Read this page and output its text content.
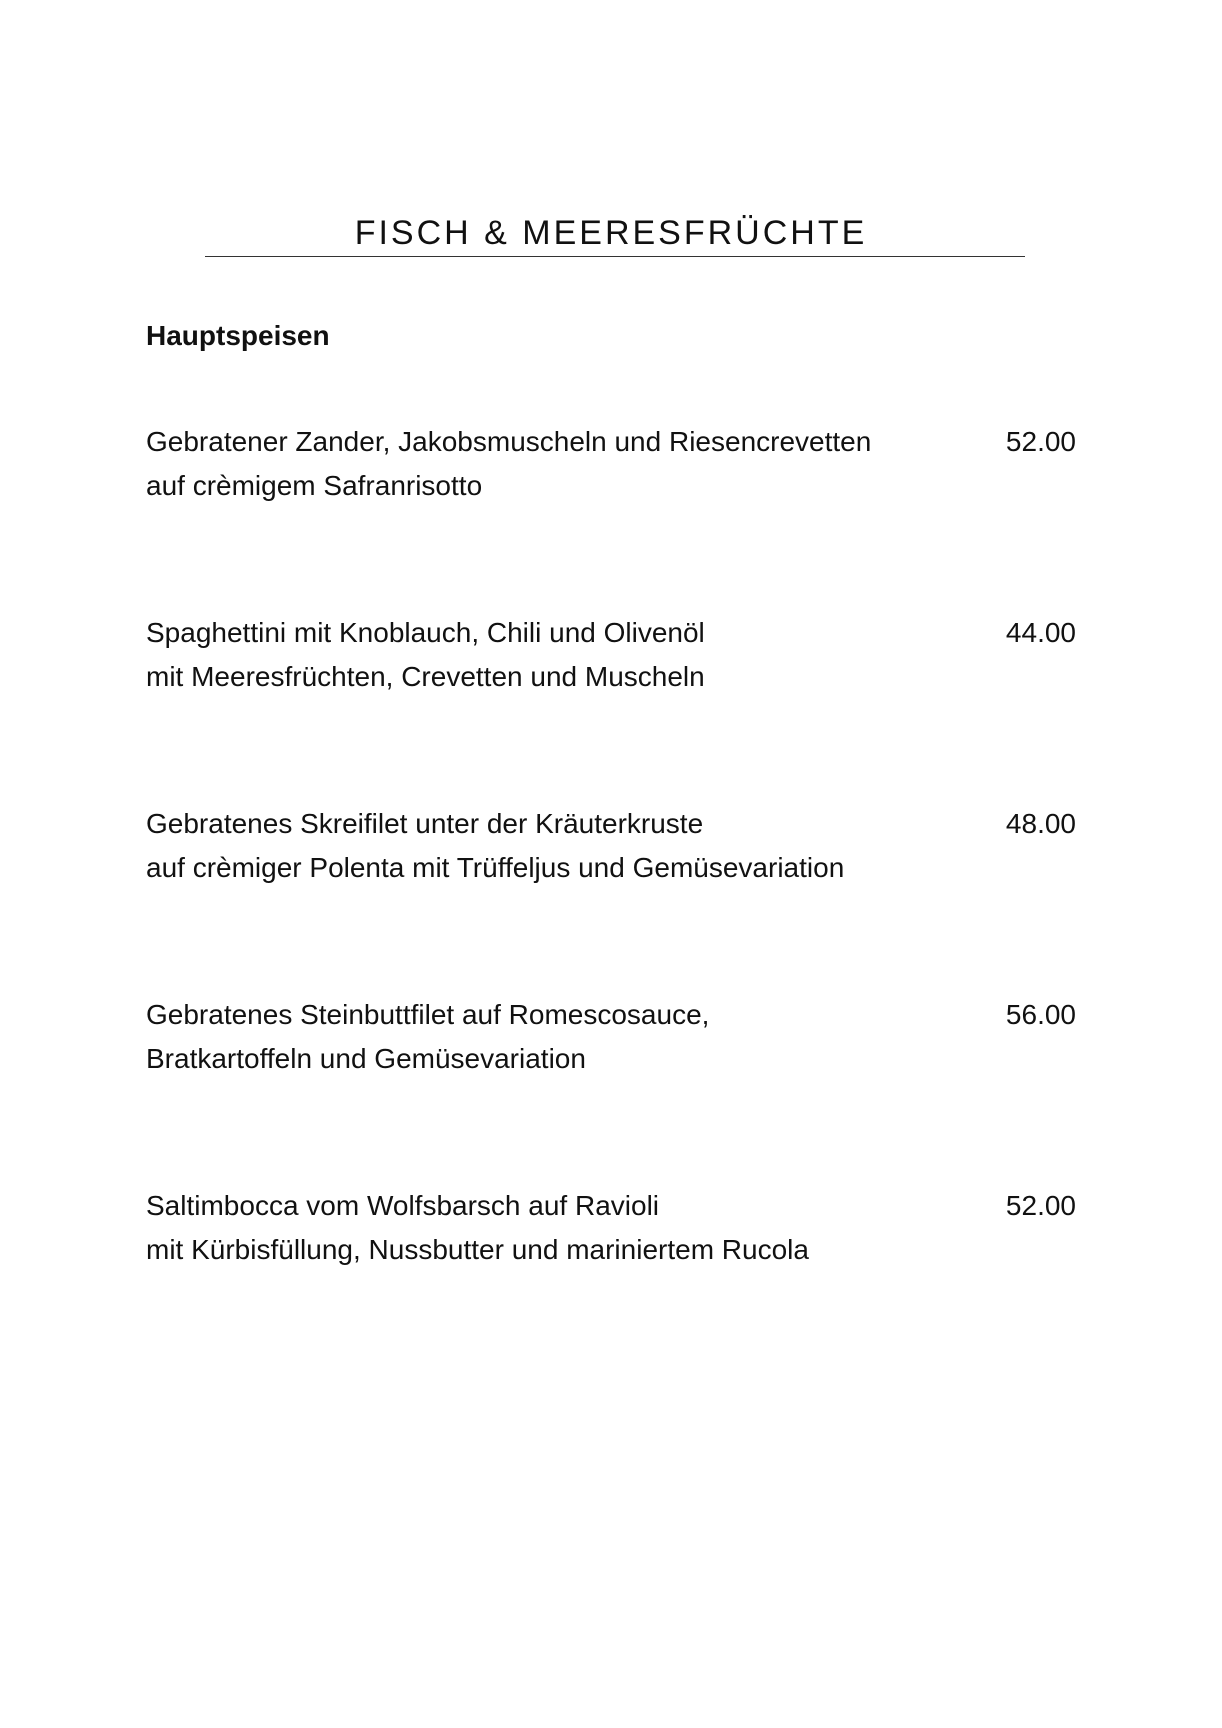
FISCH & MEERESFRÜCHTE
Hauptspeisen
Gebratener Zander, Jakobsmuscheln und Riesencrevetten
auf crèmigem Safranrisotto
52.00
Spaghettini mit Knoblauch, Chili und Olivenöl
mit Meeresfrüchten, Crevetten und Muscheln
44.00
Gebratenes Skreifilet unter der Kräuterkruste
auf crèmiger Polenta mit Trüffeljus und Gemüsevariation
48.00
Gebratenes Steinbuttfilet auf Romescosauce,
Bratkartoffeln und Gemüsevariation
56.00
Saltimbocca vom Wolfsbarsch auf Ravioli
mit Kürbisfüllung, Nussbutter und mariniertem Rucola
52.00
